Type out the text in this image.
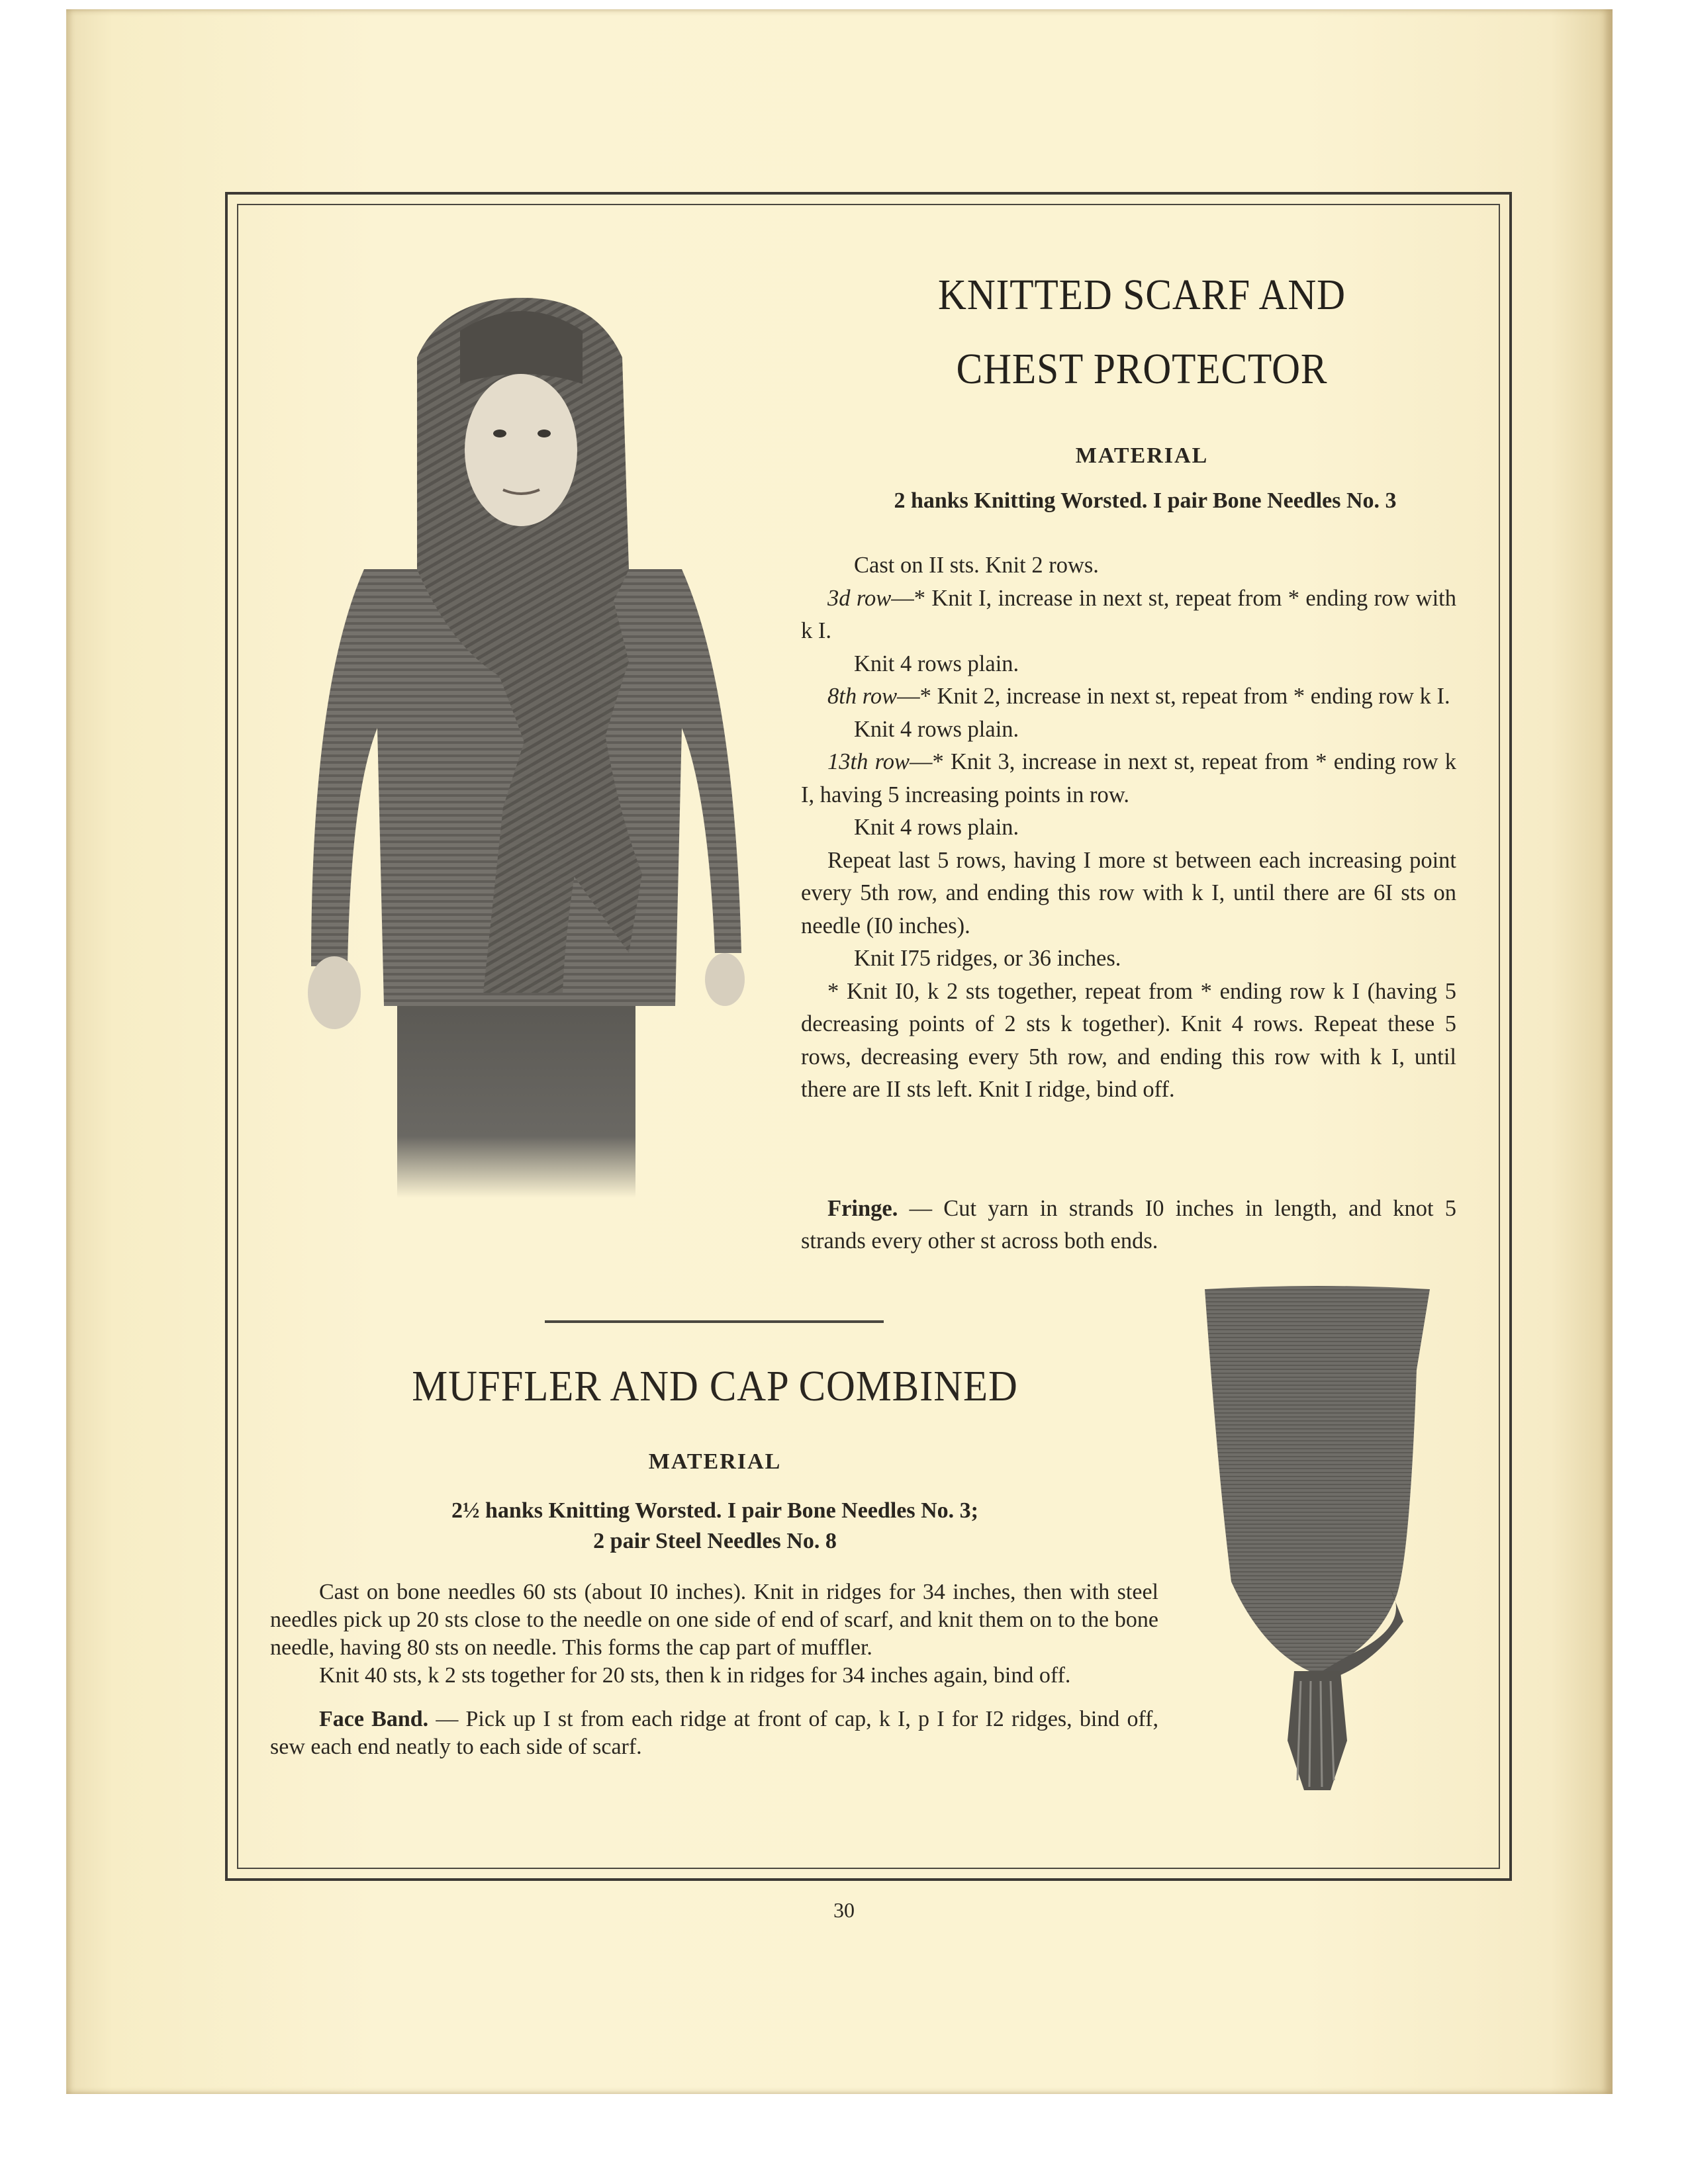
KNITTED SCARF AND
CHEST PROTECTOR
MATERIAL
2 hanks Knitting Worsted. I pair Bone Needles No. 3

Cast on II sts. Knit 2 rows.

3d row—* Knit I, increase in next st, repeat from * ending row with k I.

Knit 4 rows plain.

8th row—* Knit 2, increase in next st, repeat from * ending row k I.

Knit 4 rows plain.

13th row—* Knit 3, increase in next st, repeat from * ending row k I, having 5 increasing points in row.

Knit 4 rows plain.

Repeat last 5 rows, having I more st between each increasing point every 5th row, and ending this row with k I, until there are 6I sts on needle (I0 inches).

Knit I75 ridges, or 36 inches.

* Knit I0, k 2 sts together, repeat from * ending row k I (having 5 decreasing points of 2 sts k together). Knit 4 rows. Repeat these 5 rows, decreasing every 5th row, and ending this row with k I, until there are II sts left. Knit I ridge, bind off.

Fringe. — Cut yarn in strands I0 inches in length, and knot 5 strands every other st across both ends.

MUFFLER AND CAP COMBINED
MATERIAL
2½ hanks Knitting Worsted. I pair Bone Needles No. 3;
2 pair Steel Needles No. 8

Cast on bone needles 60 sts (about I0 inches). Knit in ridges for 34 inches, then with steel needles pick up 20 sts close to the needle on one side of end of scarf, and knit them on to the bone needle, having 80 sts on needle. This forms the cap part of muffler.

Knit 40 sts, k 2 sts together for 20 sts, then k in ridges for 34 inches again, bind off.

Face Band. — Pick up I st from each ridge at front of cap, k I, p I for I2 ridges, bind off, sew each end neatly to each side of scarf.

30
